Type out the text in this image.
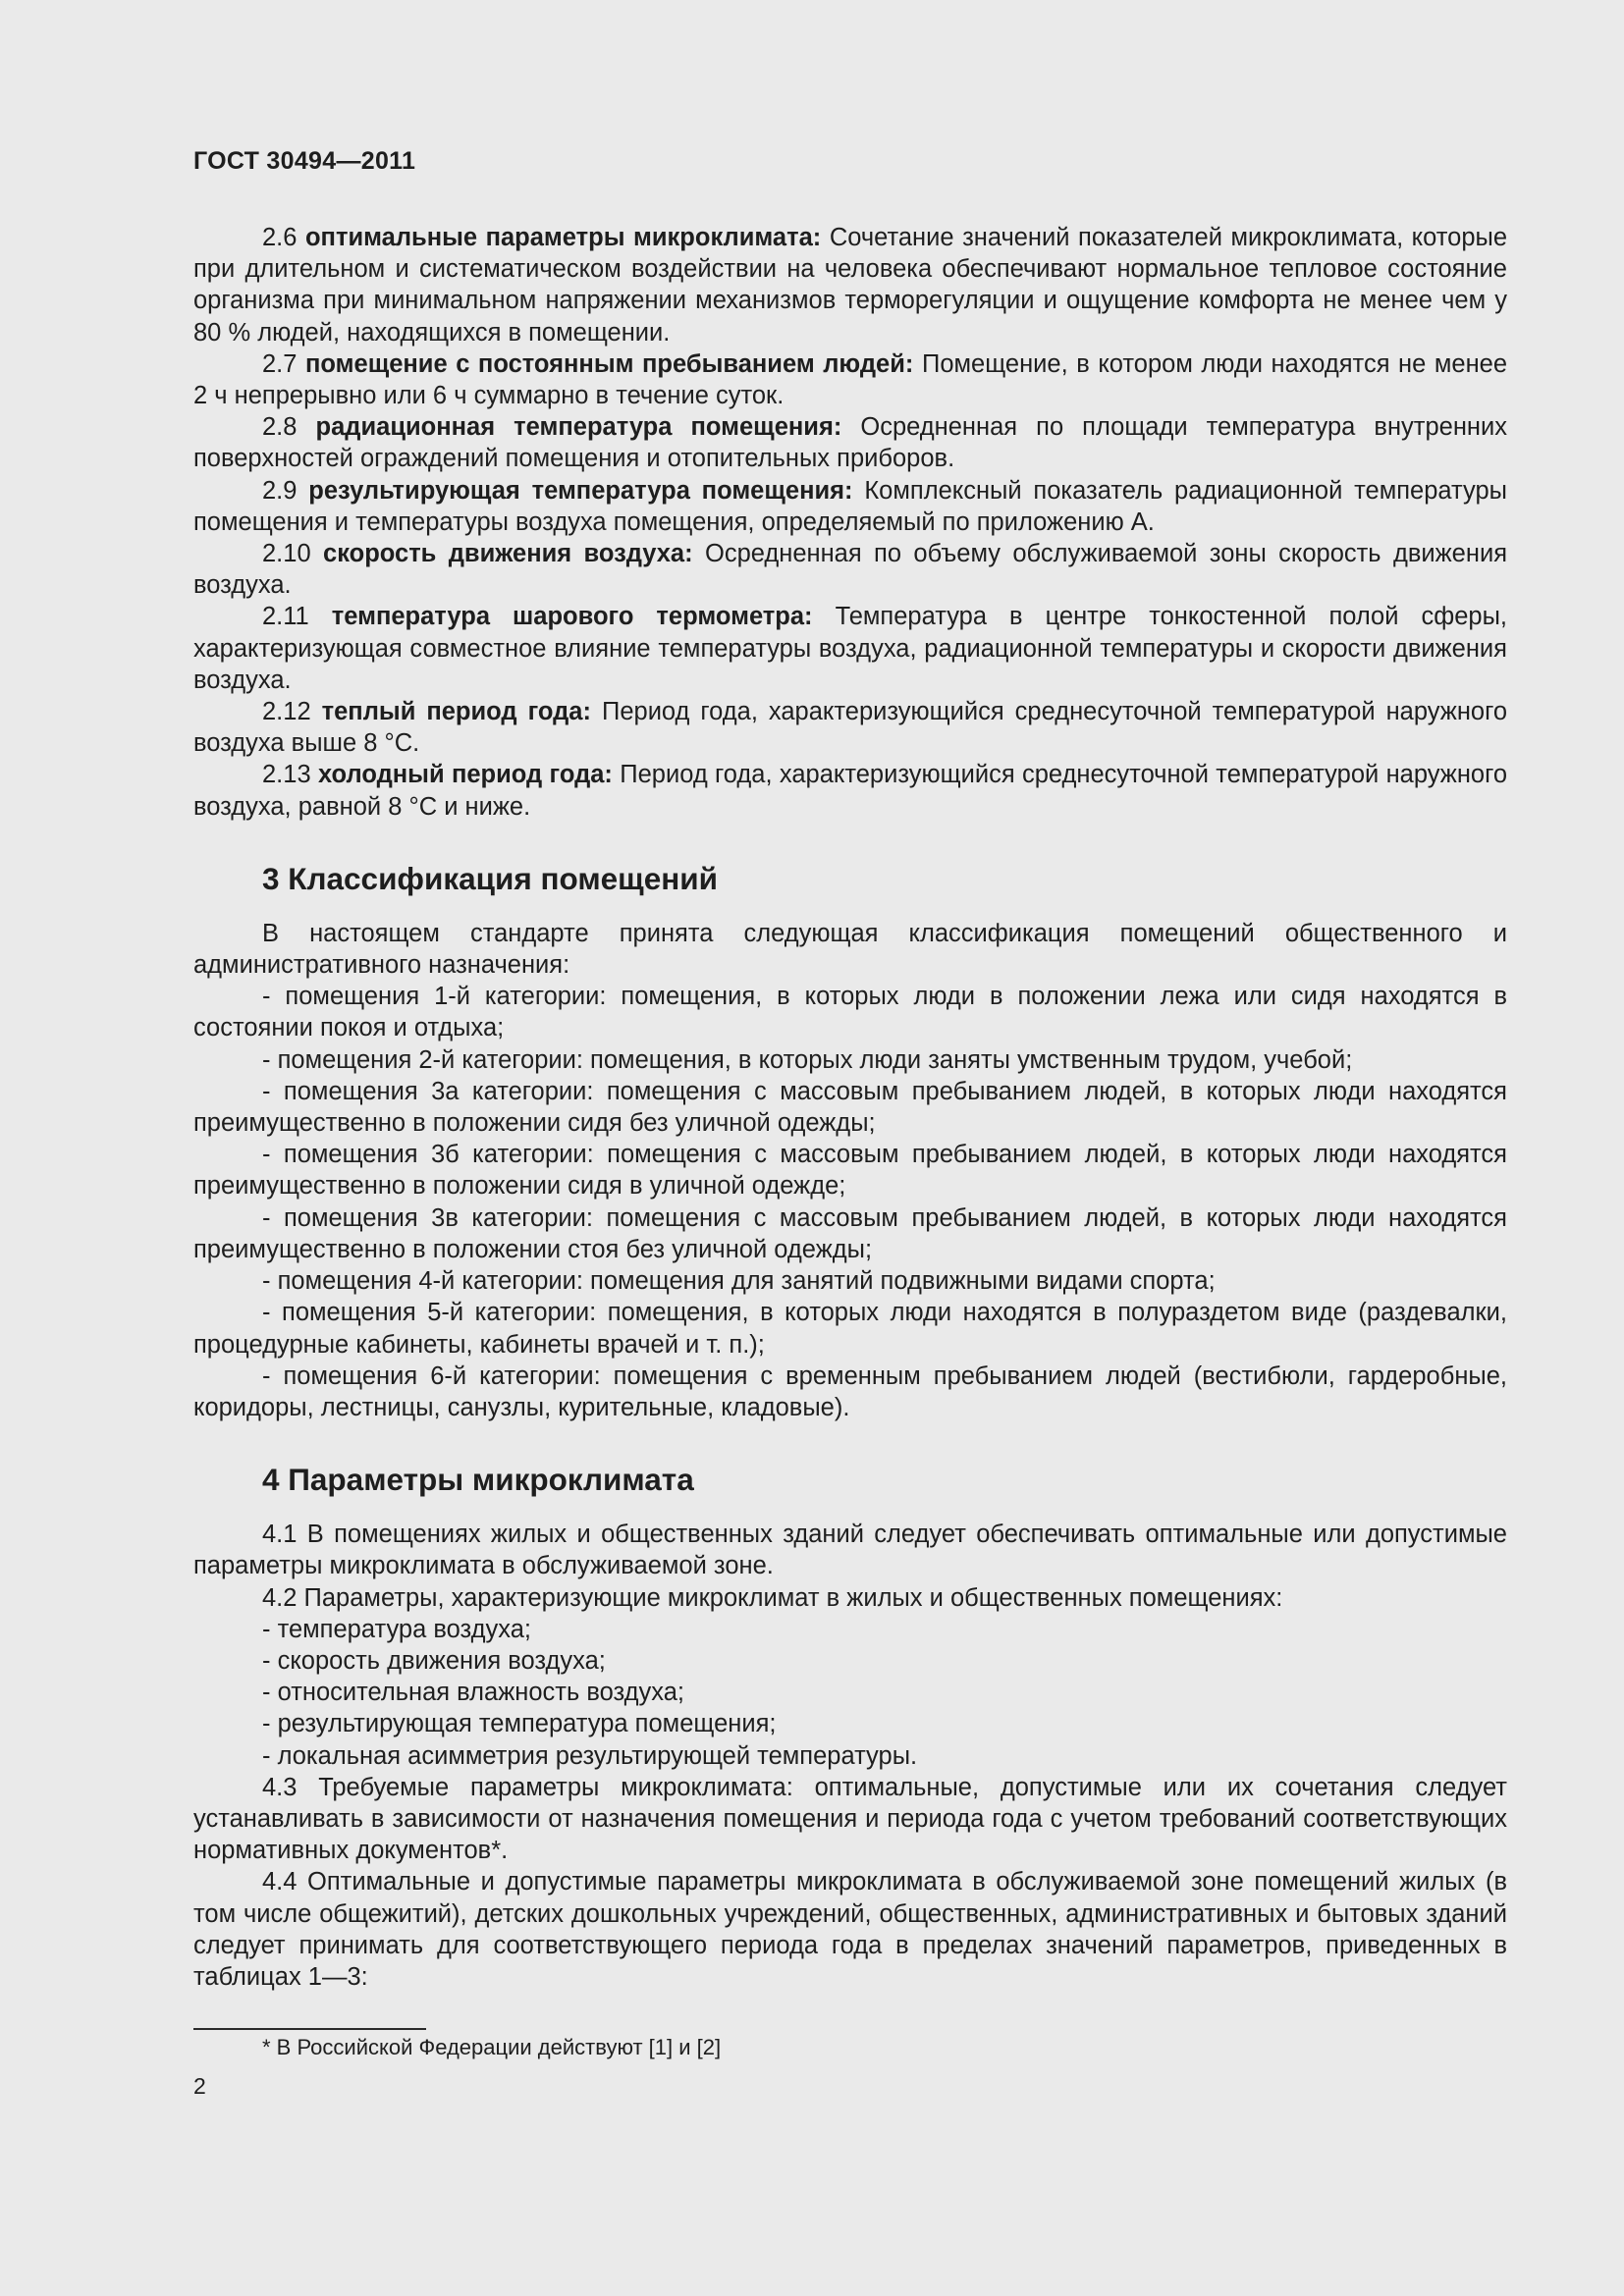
ГОСТ 30494—2011

2.6 оптимальные параметры микроклимата: Сочетание значений показателей микроклимата, которые при длительном и систематическом воздействии на человека обеспечивают нормальное тепловое состояние организма при минимальном напряжении механизмов терморегуляции и ощущение комфорта не менее чем у 80 % людей, находящихся в помещении.

2.7 помещение с постоянным пребыванием людей: Помещение, в котором люди находятся не менее 2 ч непрерывно или 6 ч суммарно в течение суток.

2.8 радиационная температура помещения: Осредненная по площади температура внутренних поверхностей ограждений помещения и отопительных приборов.

2.9 результирующая температура помещения: Комплексный показатель радиационной температуры помещения и температуры воздуха помещения, определяемый по приложению А.

2.10 скорость движения воздуха: Осредненная по объему обслуживаемой зоны скорость движения воздуха.

2.11 температура шарового термометра: Температура в центре тонкостенной полой сферы, характеризующая совместное влияние температуры воздуха, радиационной температуры и скорости движения воздуха.

2.12 теплый период года: Период года, характеризующийся среднесуточной температурой наружного воздуха выше 8 °С.

2.13 холодный период года: Период года, характеризующийся среднесуточной температурой наружного воздуха, равной 8 °С и ниже.

3 Классификация помещений

В настоящем стандарте принята следующая классификация помещений общественного и административного назначения:

- помещения 1-й категории: помещения, в которых люди в положении лежа или сидя находятся в состоянии покоя и отдыха;

- помещения 2-й категории: помещения, в которых люди заняты умственным трудом, учебой;

- помещения 3а категории: помещения с массовым пребыванием людей, в которых люди находятся преимущественно в положении сидя без уличной одежды;

- помещения 3б категории: помещения с массовым пребыванием людей, в которых люди находятся преимущественно в положении сидя в уличной одежде;

- помещения 3в категории: помещения с массовым пребыванием людей, в которых люди находятся преимущественно в положении стоя без уличной одежды;

- помещения 4-й категории: помещения для занятий подвижными видами спорта;

- помещения 5-й категории: помещения, в которых люди находятся в полураздетом виде (раздевалки, процедурные кабинеты, кабинеты врачей и т. п.);

- помещения 6-й категории: помещения с временным пребыванием людей (вестибюли, гардеробные, коридоры, лестницы, санузлы, курительные, кладовые).

4 Параметры микроклимата

4.1 В помещениях жилых и общественных зданий следует обеспечивать оптимальные или допустимые параметры микроклимата в обслуживаемой зоне.

4.2 Параметры, характеризующие микроклимат в жилых и общественных помещениях:

- температура воздуха;

- скорость движения воздуха;

- относительная влажность воздуха;

- результирующая температура помещения;

- локальная асимметрия результирующей температуры.

4.3 Требуемые параметры микроклимата: оптимальные, допустимые или их сочетания следует устанавливать в зависимости от назначения помещения и периода года с учетом требований соответствующих нормативных документов*.

4.4 Оптимальные и допустимые параметры микроклимата в обслуживаемой зоне помещений жилых (в том числе общежитий), детских дошкольных учреждений, общественных, административных и бытовых зданий следует принимать для соответствующего периода года в пределах значений параметров, приведенных в таблицах 1—3:

* В Российской Федерации действуют [1] и [2]
2
